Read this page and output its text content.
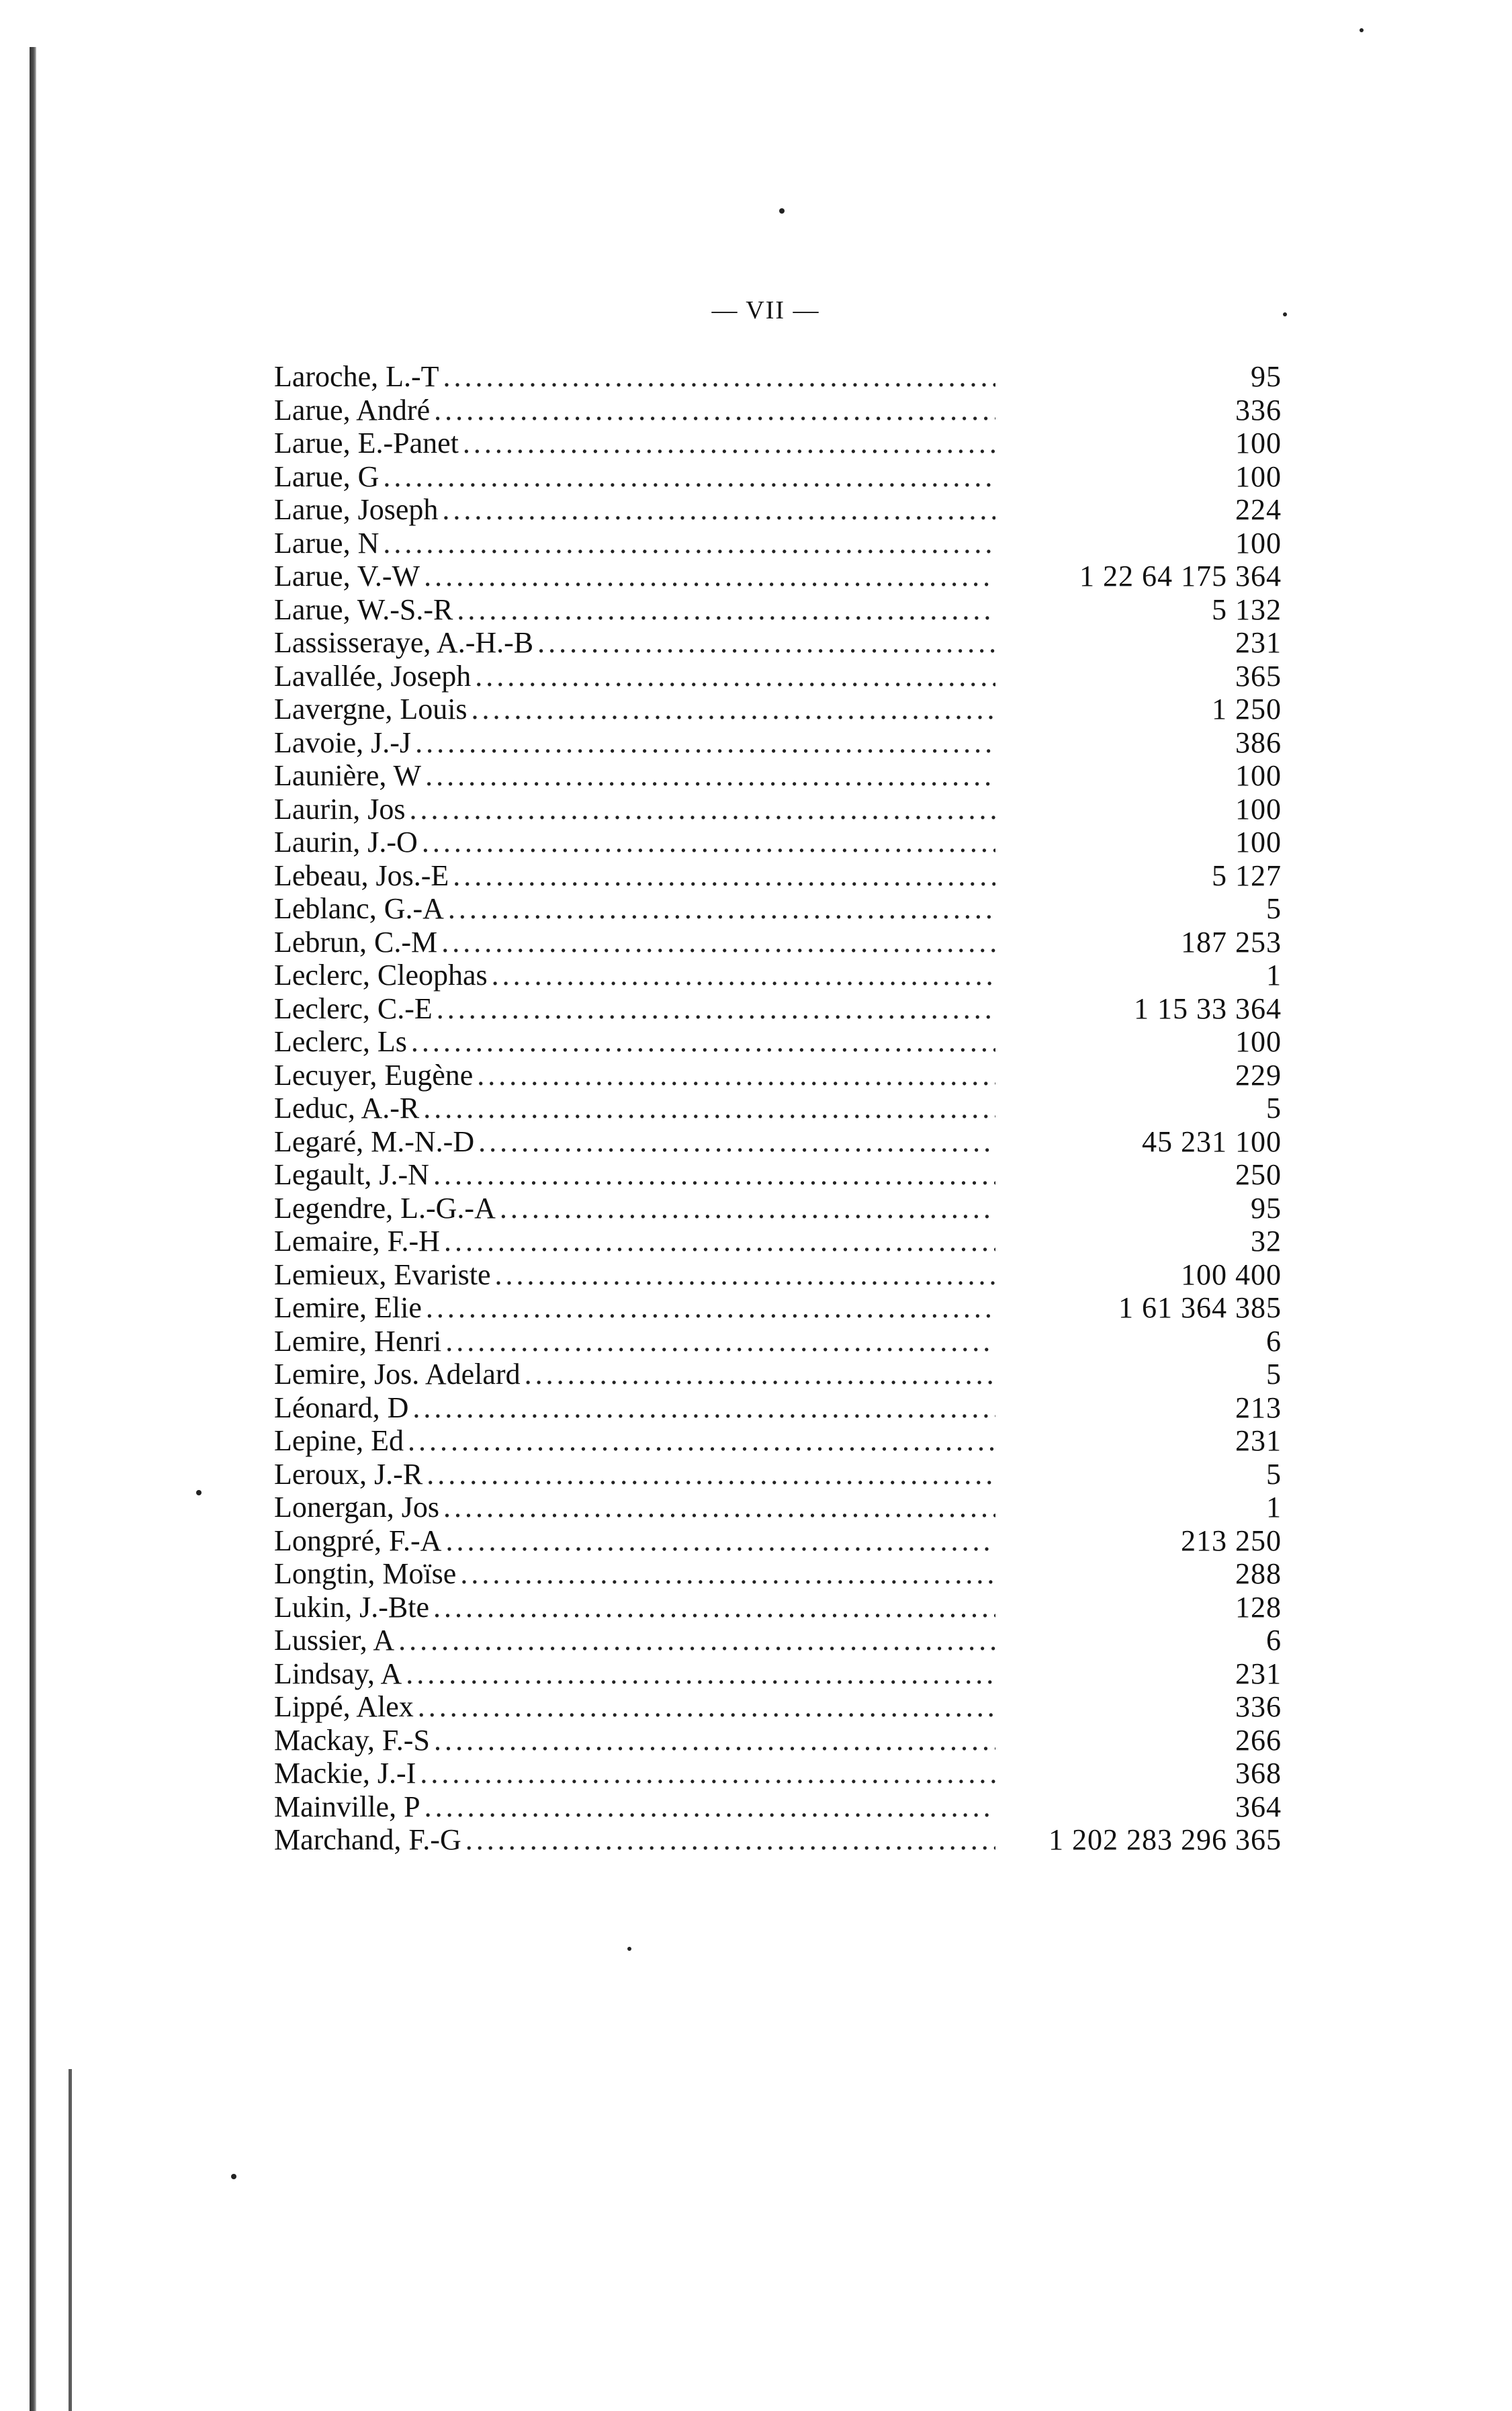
— VII —
Laroche, L.-T . . .	95
Larue, André . . .	336
Larue, E.-Panet . . .	100
Larue, G . . .	100
Larue, Joseph . . .	224
Larue, N . . .	100
Larue, V.-W . . .	1 22 64 175 364
Larue, W.-S.-R . . .	5 132
Lassisseraye, A.-H.-B . . .	231
Lavallée, Joseph . . .	365
Lavergne, Louis . . .	1 250
Lavoie, J.-J . . .	386
Launière, W . . .	100
Laurin, Jos . . .	100
Laurin, J.-O . . .	100
Lebeau, Jos.-E . . .	5 127
Leblanc, G.-A . . .	5
Lebrun, C.-M . . .	187 253
Leclerc, Cleophas . . .	1
Leclerc, C.-E . . .	1 15 33 364
Leclerc, Ls . . .	100
Lecuyer, Eugène . . .	229
Leduc, A.-R . . .	5
Legaré, M.-N.-D . . .	45 231 100
Legault, J.-N . . .	250
Legendre, L.-G.-A . . .	95
Lemaire, F.-H . . .	32
Lemieux, Evariste . . .	100 400
Lemire, Elie . . .	1 61 364 385
Lemire, Henri . . .	6
Lemire, Jos. Adelard . . .	5
Léonard, D . . .	213
Lepine, Ed . . .	231
Leroux, J.-R . . .	5
Lonergan, Jos . . .	1
Longpré, F.-A . . .	213 250
Longtin, Moïse . . .	288
Lukin, J.-Bte . . .	128
Lussier, A . . .	6
Lindsay, A . . .	231
Lippé, Alex . . .	336
Mackay, F.-S . . .	266
Mackie, J.-I . . .	368
Mainville, P . . .	364
Marchand, F.-G . . .	1 202 283 296 365
